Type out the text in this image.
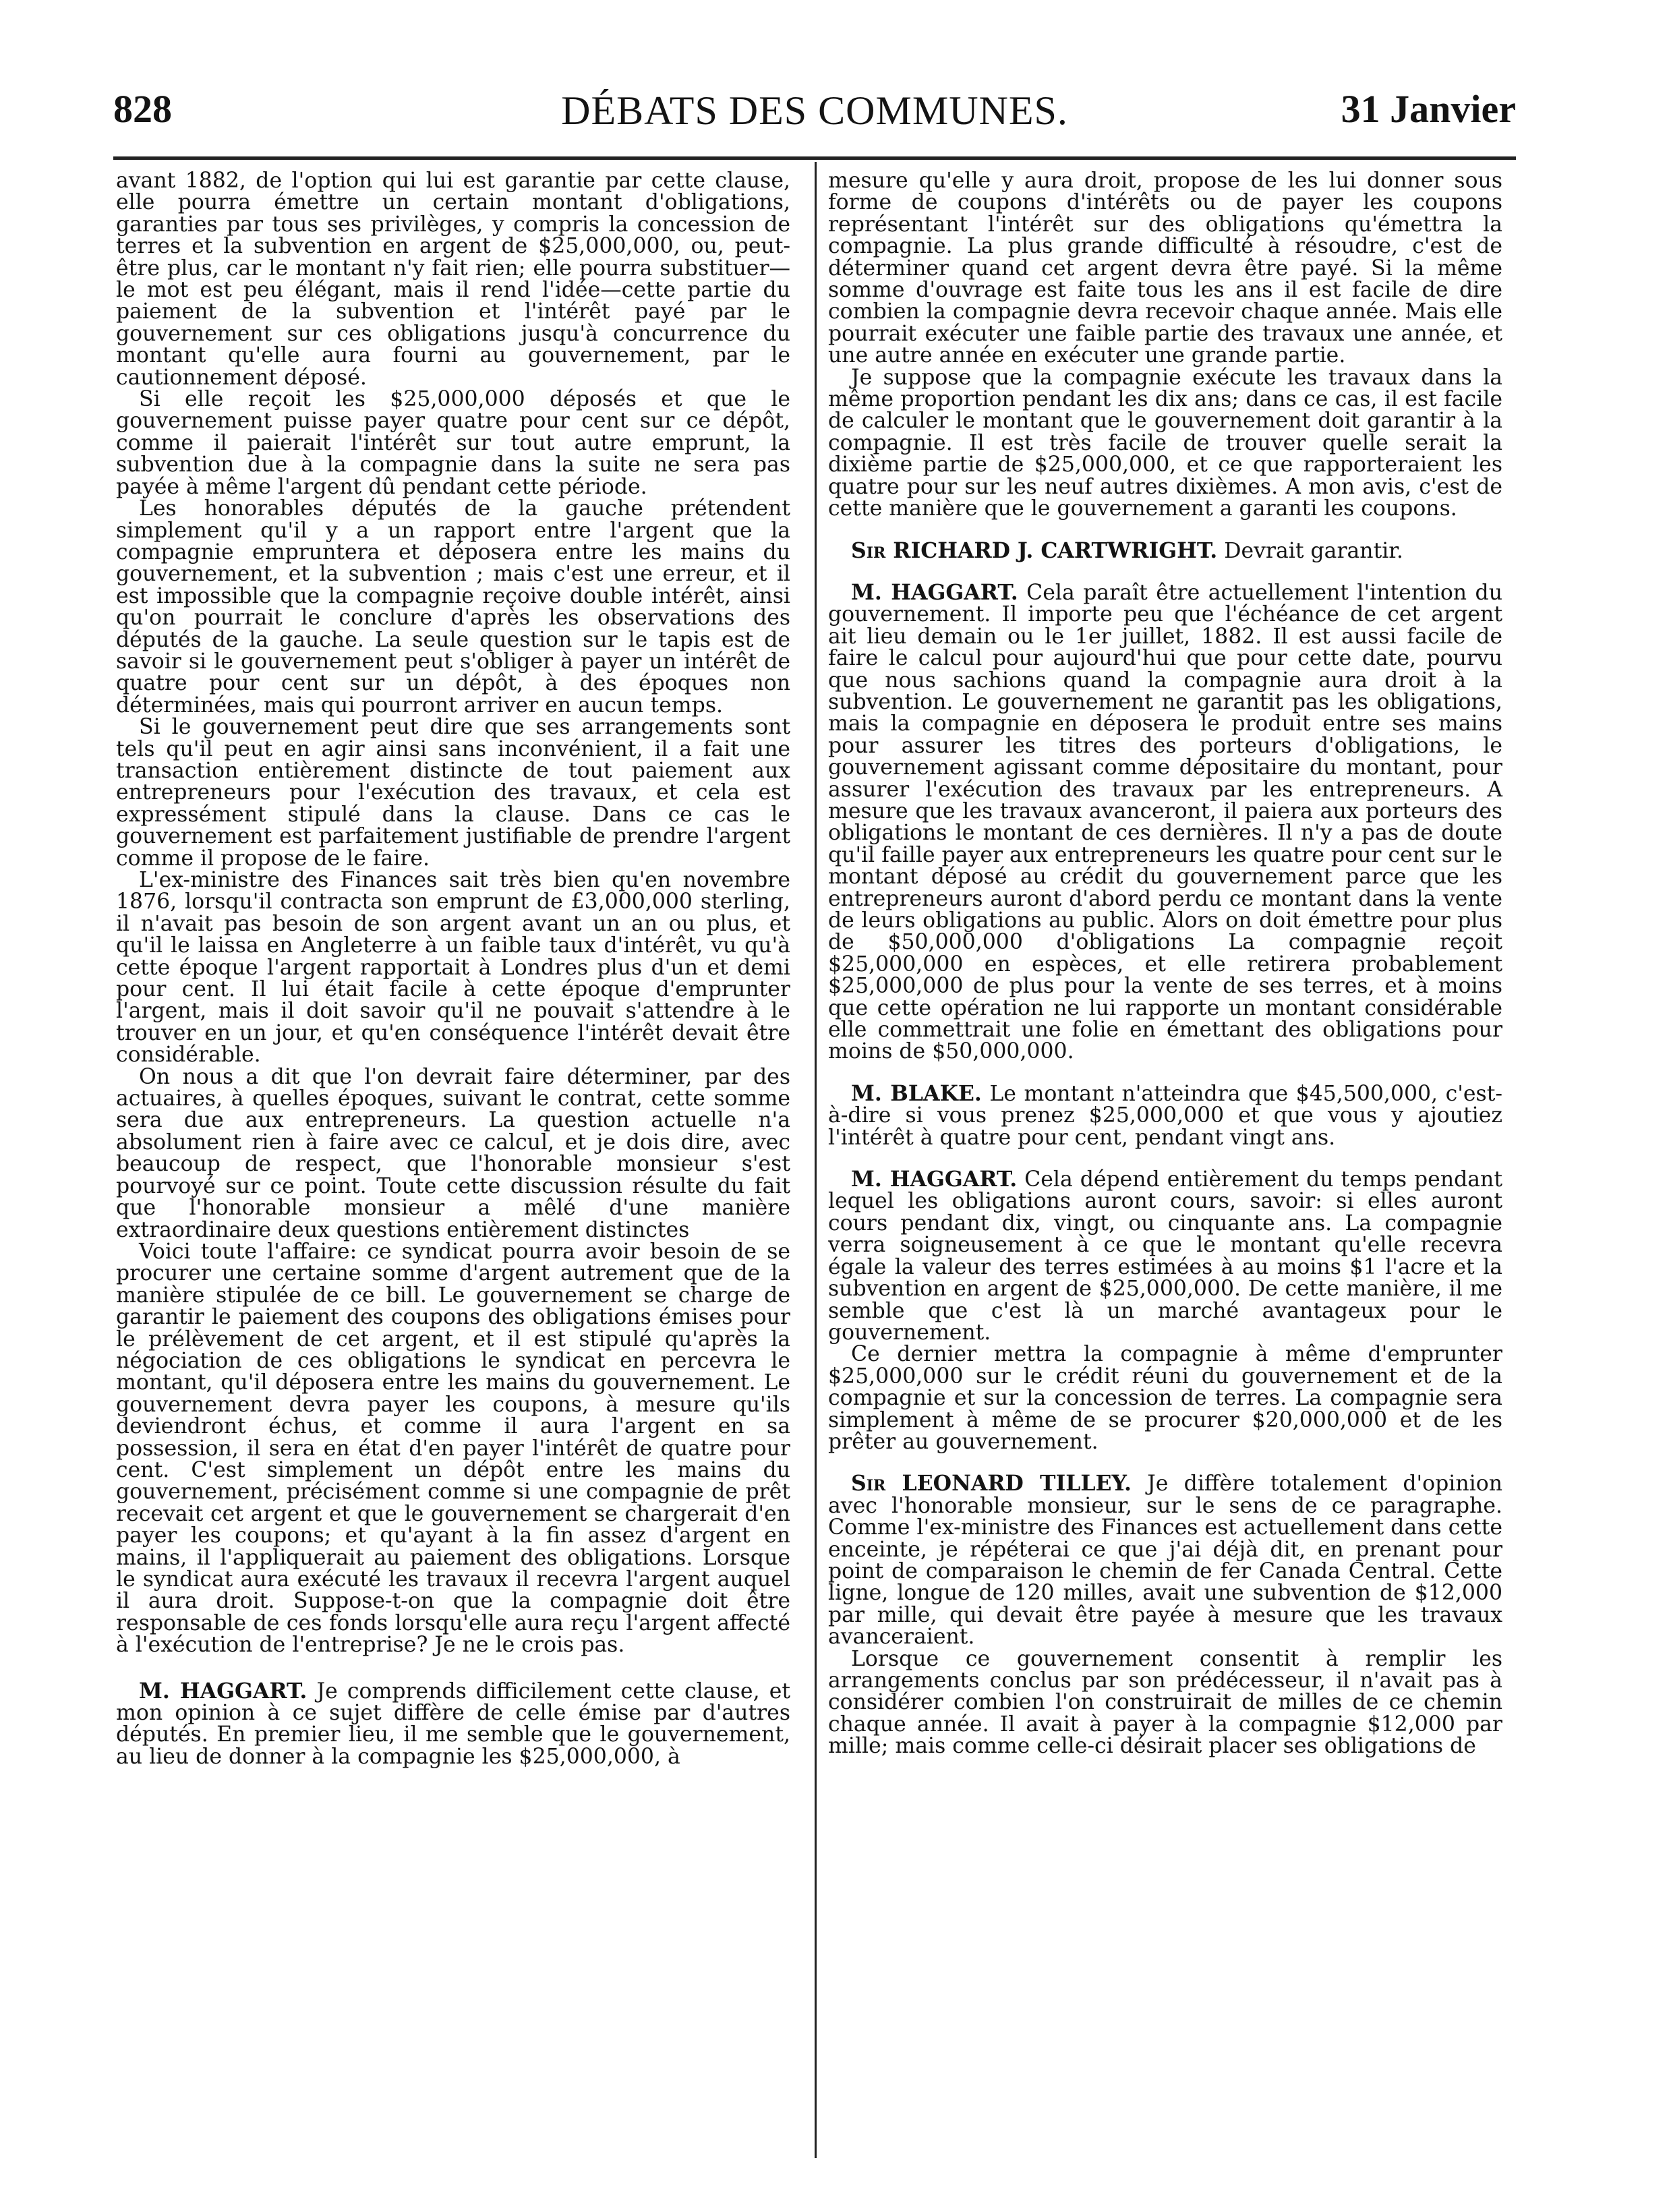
828	DÉBATS DES COMMUNES.	31 Janvier

avant 1882, de l'option qui lui est garantie par cette clause, elle pourra émettre un certain montant d'obligations, garanties par tous ses privilèges, y compris la concession de terres et la subvention en argent de $25,000,000, ou, peut-être plus, car le montant n'y fait rien; elle pourra substituer—le mot est peu élégant, mais il rend l'idée—cette partie du paiement de la subvention et l'intérêt payé par le gouvernement sur ces obligations jusqu'à concurrence du montant qu'elle aura fourni au gouvernement, par le cautionnement déposé.

Si elle reçoit les $25,000,000 déposés et que le gouvernement puisse payer quatre pour cent sur ce dépôt, comme il paierait l'intérêt sur tout autre emprunt, la subvention due à la compagnie dans la suite ne sera pas payée à même l'argent dû pendant cette période.

Les honorables députés de la gauche prétendent simplement qu'il y a un rapport entre l'argent que la compagnie empruntera et déposera entre les mains du gouvernement, et la subvention ; mais c'est une erreur, et il est impossible que la compagnie reçoive double intérêt, ainsi qu'on pourrait le conclure d'après les observations des députés de la gauche. La seule question sur le tapis est de savoir si le gouvernement peut s'obliger à payer un intérêt de quatre pour cent sur un dépôt, à des époques non déterminées, mais qui pourront arriver en aucun temps.

Si le gouvernement peut dire que ses arrangements sont tels qu'il peut en agir ainsi sans inconvénient, il a fait une transaction entièrement distincte de tout paiement aux entrepreneurs pour l'exécution des travaux, et cela est expressément stipulé dans la clause. Dans ce cas le gouvernement est parfaitement justifiable de prendre l'argent comme il propose de le faire.

L'ex-ministre des Finances sait très bien qu'en novembre 1876, lorsqu'il contracta son emprunt de £3,000,000 sterling, il n'avait pas besoin de son argent avant un an ou plus, et qu'il le laissa en Angleterre à un faible taux d'intérêt, vu qu'à cette époque l'argent rapportait à Londres plus d'un et demi pour cent. Il lui était facile à cette époque d'emprunter l'argent, mais il doit savoir qu'il ne pouvait s'attendre à le trouver en un jour, et qu'en conséquence l'intérêt devait être considérable.

On nous a dit que l'on devrait faire déterminer, par des actuaires, à quelles époques, suivant le contrat, cette somme sera due aux entrepreneurs. La question actuelle n'a absolument rien à faire avec ce calcul, et je dois dire, avec beaucoup de respect, que l'honorable monsieur s'est pourvoyé sur ce point. Toute cette discussion résulte du fait que l'honorable monsieur a mêlé d'une manière extraordinaire deux questions entièrement distinctes

Voici toute l'affaire: ce syndicat pourra avoir besoin de se procurer une certaine somme d'argent autrement que de la manière stipulée de ce bill. Le gouvernement se charge de garantir le paiement des coupons des obligations émises pour le prélèvement de cet argent, et il est stipulé qu'après la négociation de ces obligations le syndicat en percevra le montant, qu'il déposera entre les mains du gouvernement. Le gouvernement devra payer les coupons, à mesure qu'ils deviendront échus, et comme il aura l'argent en sa possession, il sera en état d'en payer l'intérêt de quatre pour cent. C'est simplement un dépôt entre les mains du gouvernement, précisément comme si une compagnie de prêt recevait cet argent et que le gouvernement se chargerait d'en payer les coupons; et qu'ayant à la fin assez d'argent en mains, il l'appliquerait au paiement des obligations. Lorsque le syndicat aura exécuté les travaux il recevra l'argent auquel il aura droit. Suppose-t-on que la compagnie doit être responsable de ces fonds lorsqu'elle aura reçu l'argent affecté à l'exécution de l'entreprise? Je ne le crois pas.

M. HAGGART. Je comprends difficilement cette clause, et mon opinion à ce sujet diffère de celle émise par d'autres députés. En premier lieu, il me semble que le gouvernement, au lieu de donner à la compagnie les $25,000,000, à

mesure qu'elle y aura droit, propose de les lui donner sous forme de coupons d'intérêts ou de payer les coupons représentant l'intérêt sur des obligations qu'émettra la compagnie. La plus grande difficulté à résoudre, c'est de déterminer quand cet argent devra être payé. Si la même somme d'ouvrage est faite tous les ans il est facile de dire combien la compagnie devra recevoir chaque année. Mais elle pourrait exécuter une faible partie des travaux une année, et une autre année en exécuter une grande partie.

Je suppose que la compagnie exécute les travaux dans la même proportion pendant les dix ans; dans ce cas, il est facile de calculer le montant que le gouvernement doit garantir à la compagnie. Il est très facile de trouver quelle serait la dixième partie de $25,000,000, et ce que rapporteraient les quatre pour sur les neuf autres dixièmes. A mon avis, c'est de cette manière que le gouvernement a garanti les coupons.

Sir RICHARD J. CARTWRIGHT. Devrait garantir.

M. HAGGART. Cela paraît être actuellement l'intention du gouvernement. Il importe peu que l'échéance de cet argent ait lieu demain ou le 1er juillet, 1882. Il est aussi facile de faire le calcul pour aujourd'hui que pour cette date, pourvu que nous sachions quand la compagnie aura droit à la subvention. Le gouvernement ne garantit pas les obligations, mais la compagnie en déposera le produit entre ses mains pour assurer les titres des porteurs d'obligations, le gouvernement agissant comme dépositaire du montant, pour assurer l'exécution des travaux par les entrepreneurs. A mesure que les travaux avanceront, il paiera aux porteurs des obligations le montant de ces dernières. Il n'y a pas de doute qu'il faille payer aux entrepreneurs les quatre pour cent sur le montant déposé au crédit du gouvernement parce que les entrepreneurs auront d'abord perdu ce montant dans la vente de leurs obligations au public. Alors on doit émettre pour plus de $50,000,000 d'obligations La compagnie reçoit $25,000,000 en espèces, et elle retirera probablement $25,000,000 de plus pour la vente de ses terres, et à moins que cette opération ne lui rapporte un montant considérable elle commettrait une folie en émettant des obligations pour moins de $50,000,000.

M. BLAKE. Le montant n'atteindra que $45,500,000, c'est-à-dire si vous prenez $25,000,000 et que vous y ajoutiez l'intérêt à quatre pour cent, pendant vingt ans.

M. HAGGART. Cela dépend entièrement du temps pendant lequel les obligations auront cours, savoir: si elles auront cours pendant dix, vingt, ou cinquante ans. La compagnie verra soigneusement à ce que le montant qu'elle recevra égale la valeur des terres estimées à au moins $1 l'acre et la subvention en argent de $25,000,000. De cette manière, il me semble que c'est là un marché avantageux pour le gouvernement.

Ce dernier mettra la compagnie à même d'emprunter $25,000,000 sur le crédit réuni du gouvernement et de la compagnie et sur la concession de terres. La compagnie sera simplement à même de se procurer $20,000,000 et de les prêter au gouvernement.

Sir LEONARD TILLEY. Je diffère totalement d'opinion avec l'honorable monsieur, sur le sens de ce paragraphe. Comme l'ex-ministre des Finances est actuellement dans cette enceinte, je répéterai ce que j'ai déjà dit, en prenant pour point de comparaison le chemin de fer Canada Central. Cette ligne, longue de 120 milles, avait une subvention de $12,000 par mille, qui devait être payée à mesure que les travaux avanceraient.

Lorsque ce gouvernement consentit à remplir les arrangements conclus par son prédécesseur, il n'avait pas à considérer combien l'on construirait de milles de ce chemin chaque année. Il avait à payer à la compagnie $12,000 par mille; mais comme celle-ci désirait placer ses obligations de
